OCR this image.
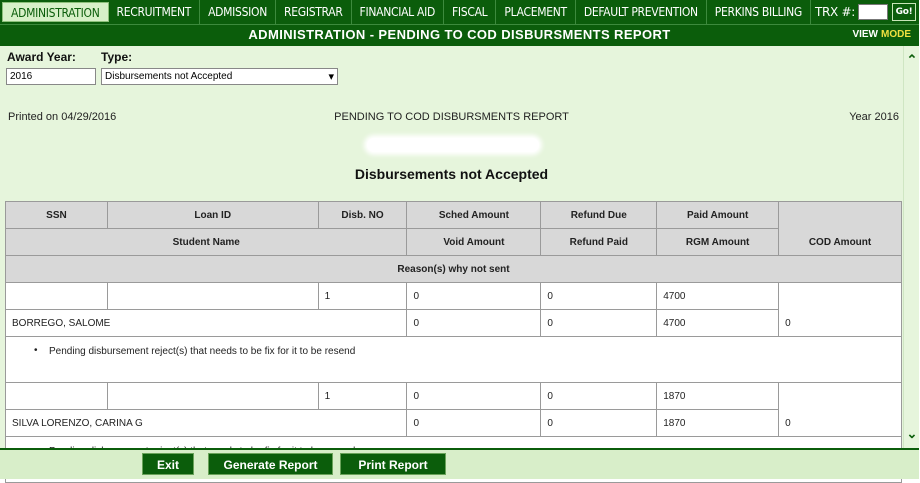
ADMINISTRATION	RECRUITMENT	ADMISSION	REGISTRAR	FINANCIAL AID	FISCAL	PLACEMENT	DEFAULT PREVENTION	PERKINS BILLING	TRX #:	Go!
ADMINISTRATION - PENDING TO COD DISBURSMENTS REPORT	VIEW MODE
Award Year: Type:
2016	Disbursements not Accepted	▾
Printed on 04/29/2016	PENDING TO COD DISBURSMENTS REPORT	Year 2016
Disbursements not Accepted
SSN	Loan ID	Disb. NO	Sched Amount	Refund Due	Paid Amount	COD Amount
Student Name			Void Amount	Refund Paid	RGM Amount	
Reason(s) why not sent						
		1	0	0	4700	0
BORREGO, SALOME			0	0	4700	

• Pending disbursement reject(s) that needs to be fix for it to be resend						
		1	0	0	1870	0
SILVA LORENZO, CARINA G			0	0	1870	

⌃
⌄
Exit	Generate Report	Print Report
